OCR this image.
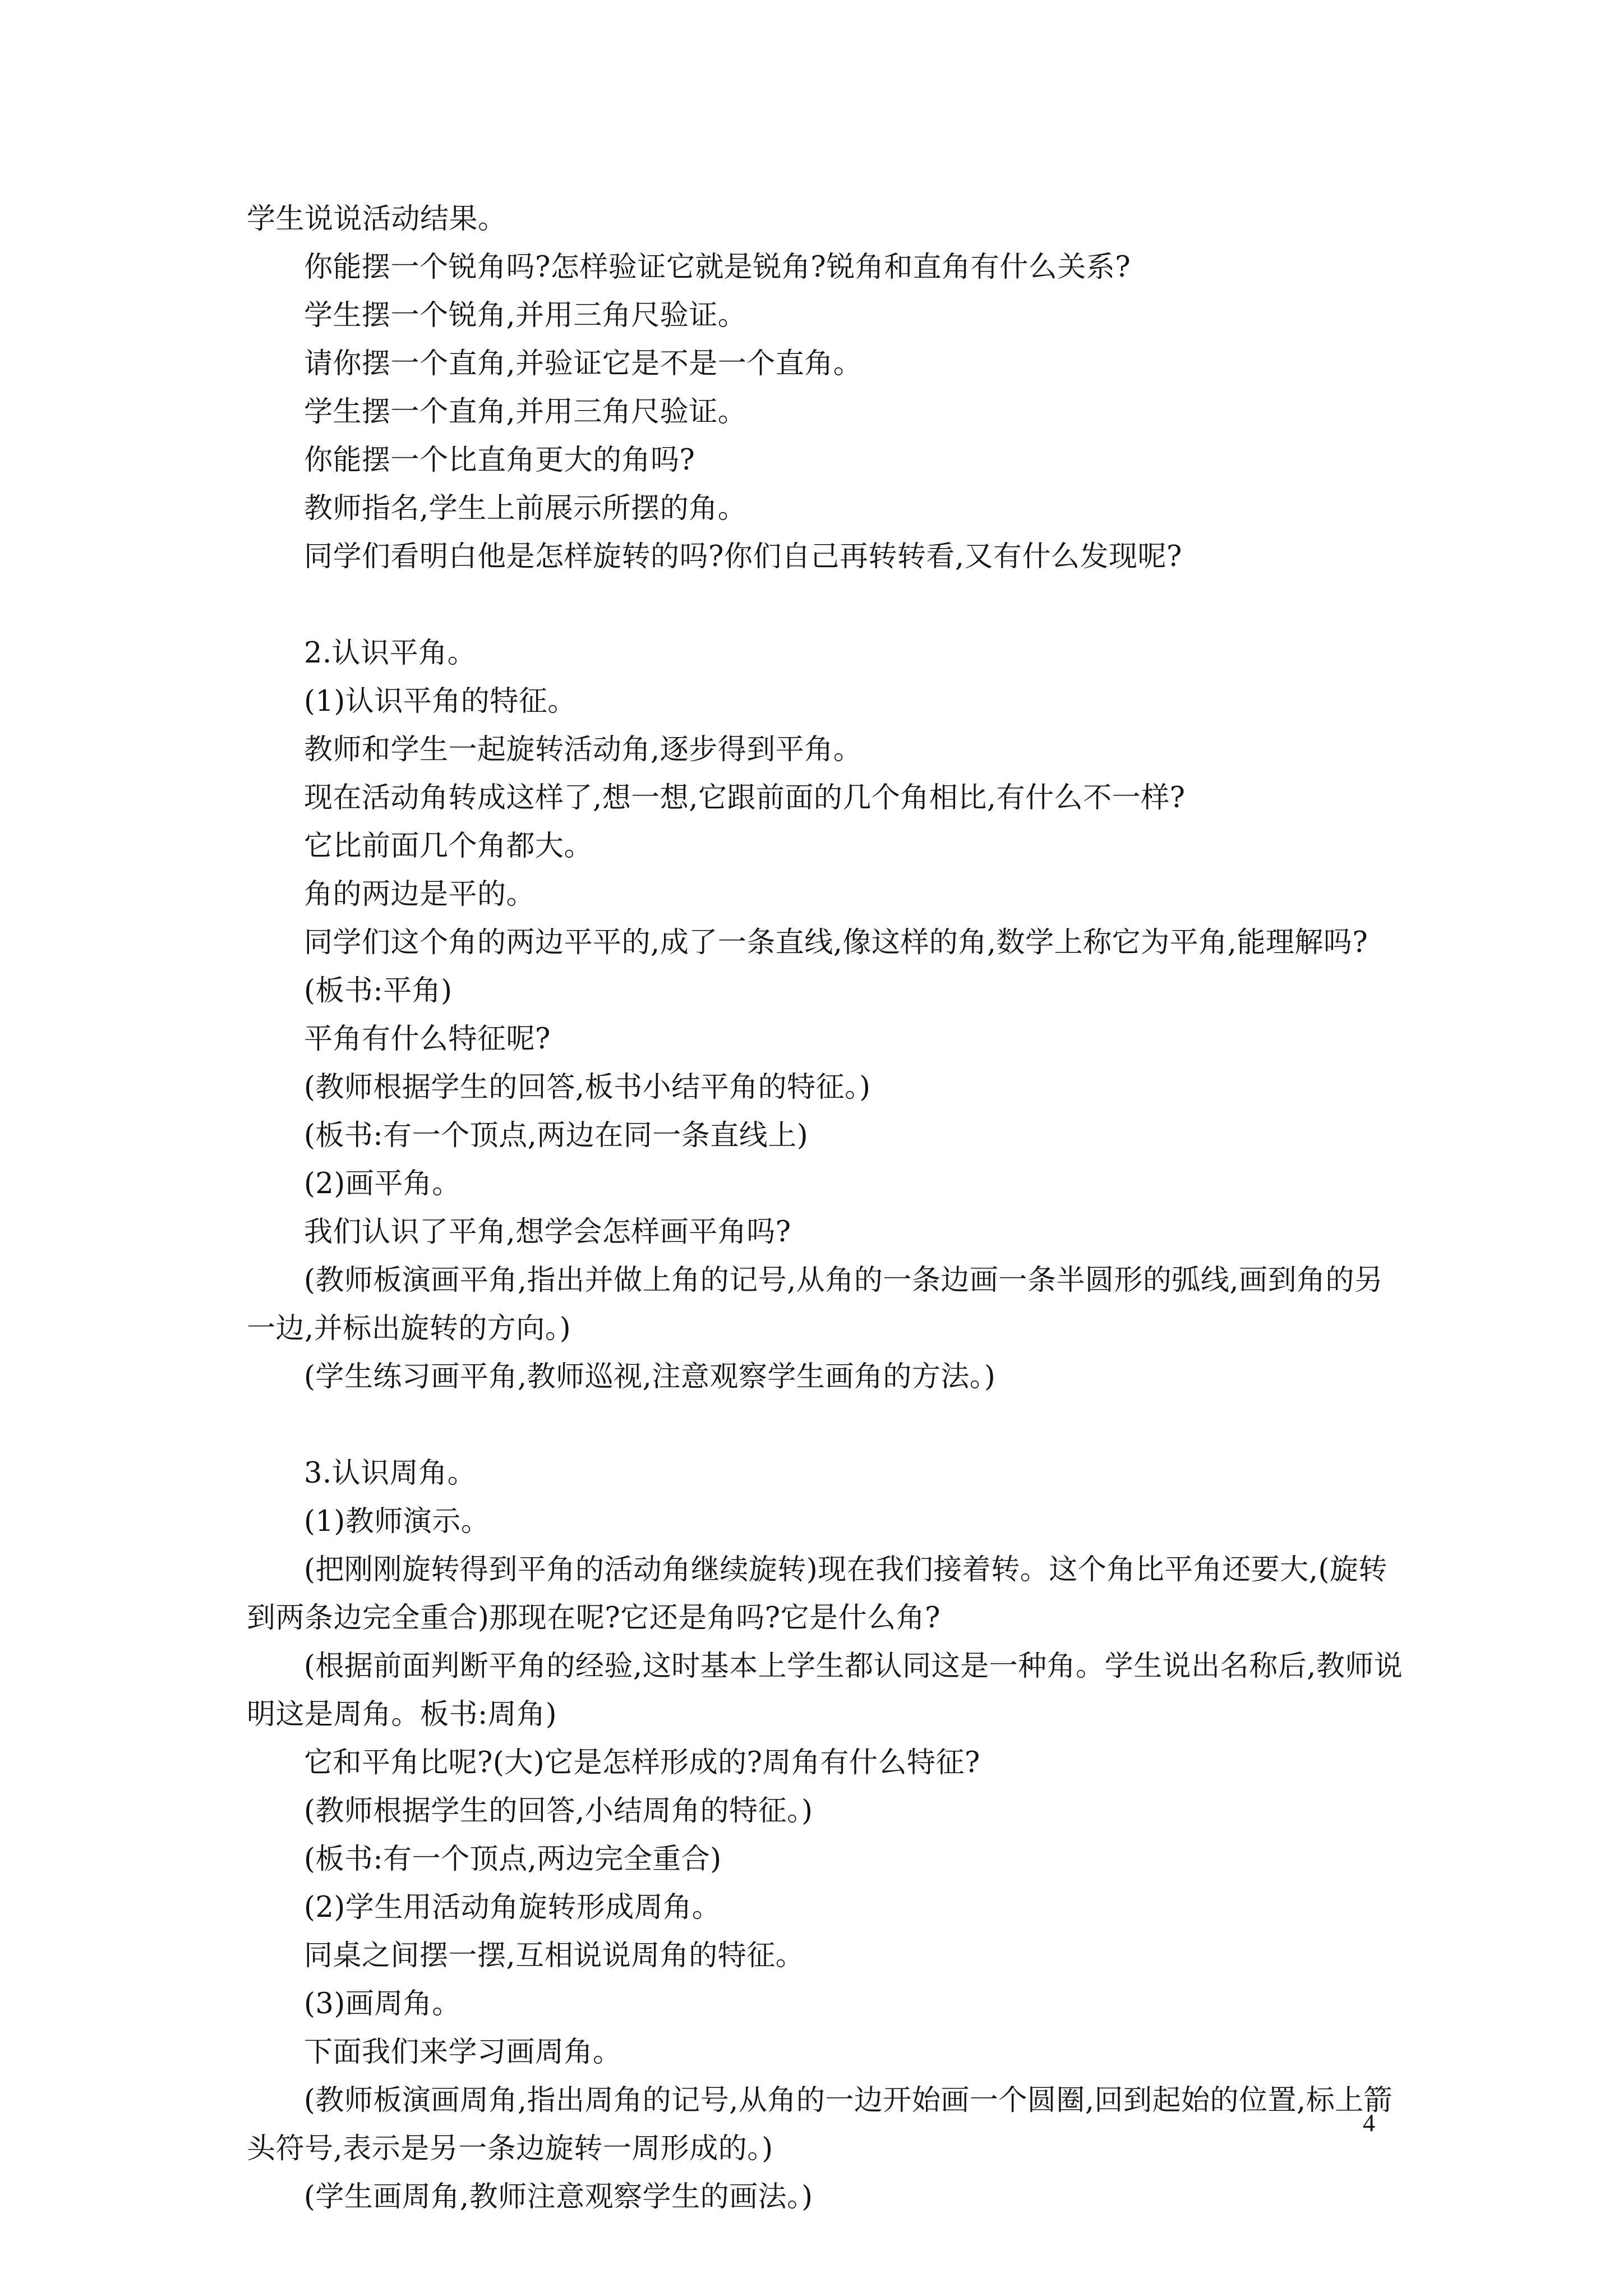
学生说说活动结果。

你能摆一个锐角吗?怎样验证它就是锐角?锐角和直角有什么关系?

学生摆一个锐角,并用三角尺验证。

请你摆一个直角,并验证它是不是一个直角。

学生摆一个直角,并用三角尺验证。

你能摆一个比直角更大的角吗?

教师指名,学生上前展示所摆的角。

同学们看明白他是怎样旋转的吗?你们自己再转转看,又有什么发现呢?

2.认识平角。

(1)认识平角的特征。

教师和学生一起旋转活动角,逐步得到平角。

现在活动角转成这样了,想一想,它跟前面的几个角相比,有什么不一样?

它比前面几个角都大。

角的两边是平的。

同学们这个角的两边平平的,成了一条直线,像这样的角,数学上称它为平角,能理解吗?

(板书:平角)

平角有什么特征呢?

(教师根据学生的回答,板书小结平角的特征。)

(板书:有一个顶点,两边在同一条直线上)

(2)画平角。

我们认识了平角,想学会怎样画平角吗?

(教师板演画平角,指出并做上角的记号,从角的一条边画一条半圆形的弧线,画到角的另一边,并标出旋转的方向。)

(学生练习画平角,教师巡视,注意观察学生画角的方法。)

3.认识周角。

(1)教师演示。

(把刚刚旋转得到平角的活动角继续旋转)现在我们接着转。这个角比平角还要大,(旋转到两条边完全重合)那现在呢?它还是角吗?它是什么角?

(根据前面判断平角的经验,这时基本上学生都认同这是一种角。学生说出名称后,教师说明这是周角。板书:周角)

它和平角比呢?(大)它是怎样形成的?周角有什么特征?

(教师根据学生的回答,小结周角的特征。)

(板书:有一个顶点,两边完全重合)

(2)学生用活动角旋转形成周角。

同桌之间摆一摆,互相说说周角的特征。

(3)画周角。

下面我们来学习画周角。

(教师板演画周角,指出周角的记号,从角的一边开始画一个圆圈,回到起始的位置,标上箭头符号,表示是另一条边旋转一周形成的。)

(学生画周角,教师注意观察学生的画法。)

4
